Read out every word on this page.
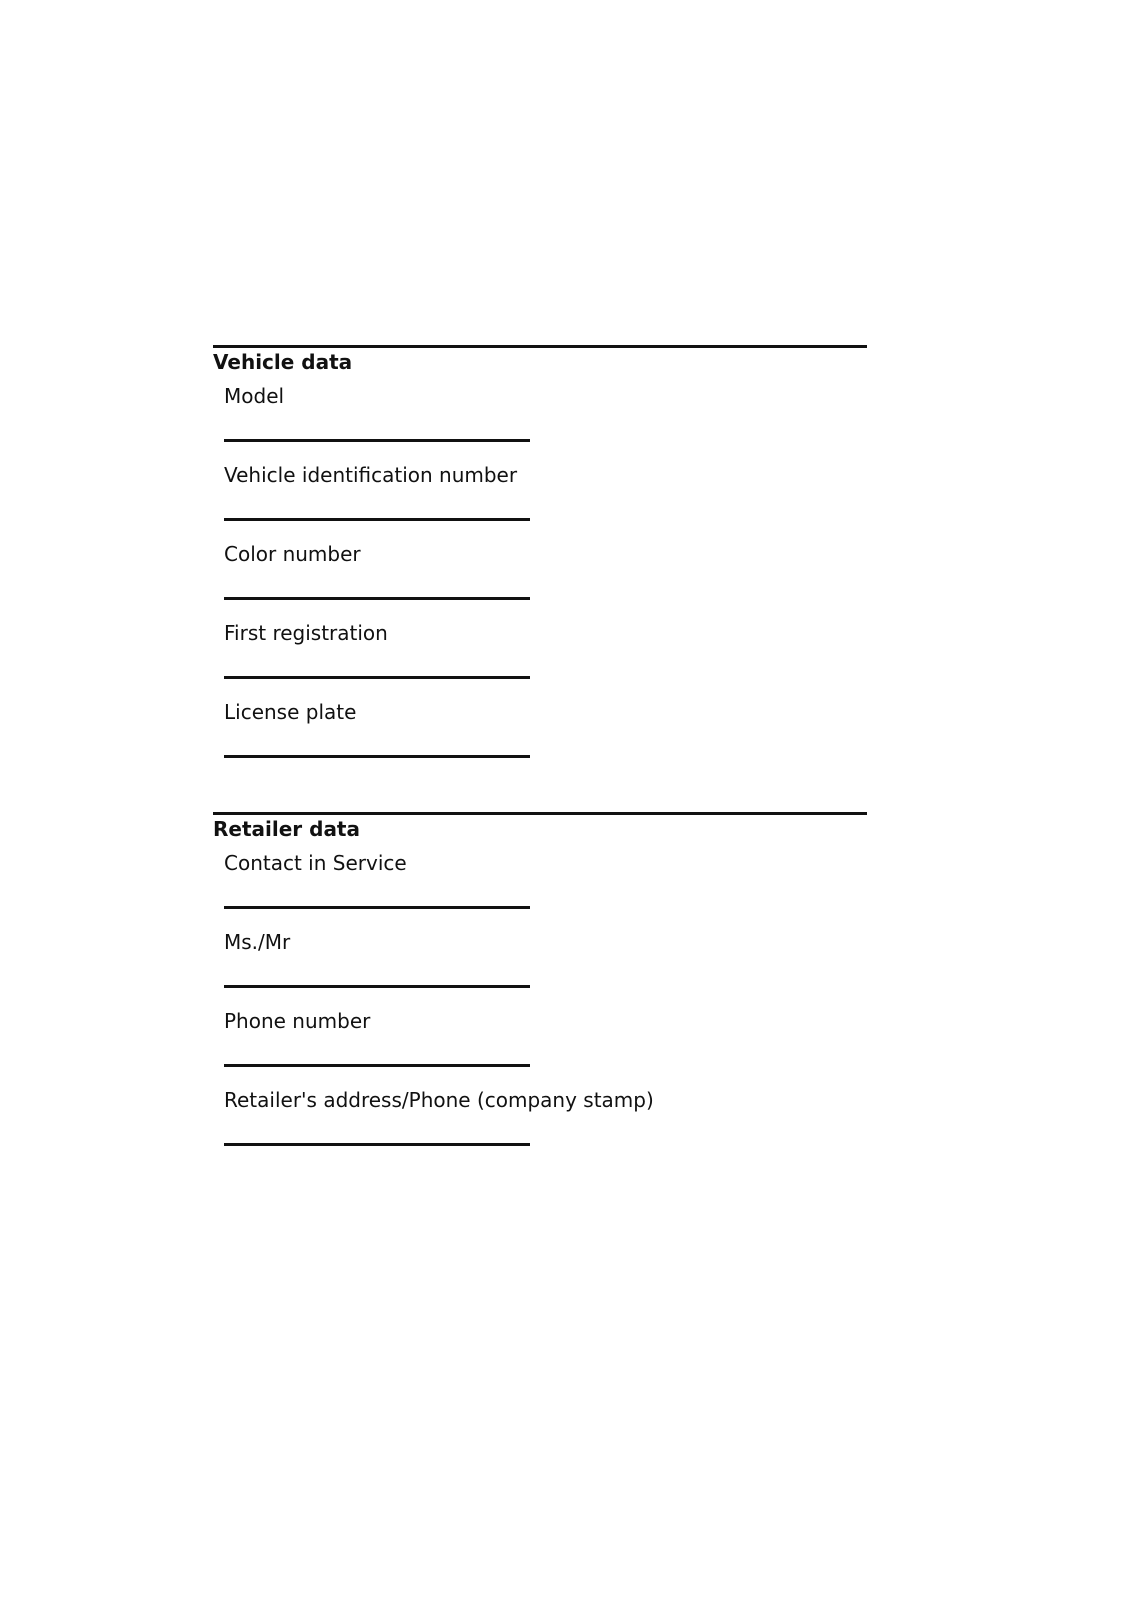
Vehicle data
Model
Vehicle identification number
Color number
First registration
License plate
Retailer data
Contact in Service
Ms./Mr
Phone number
Retailer's address/Phone (company stamp)
